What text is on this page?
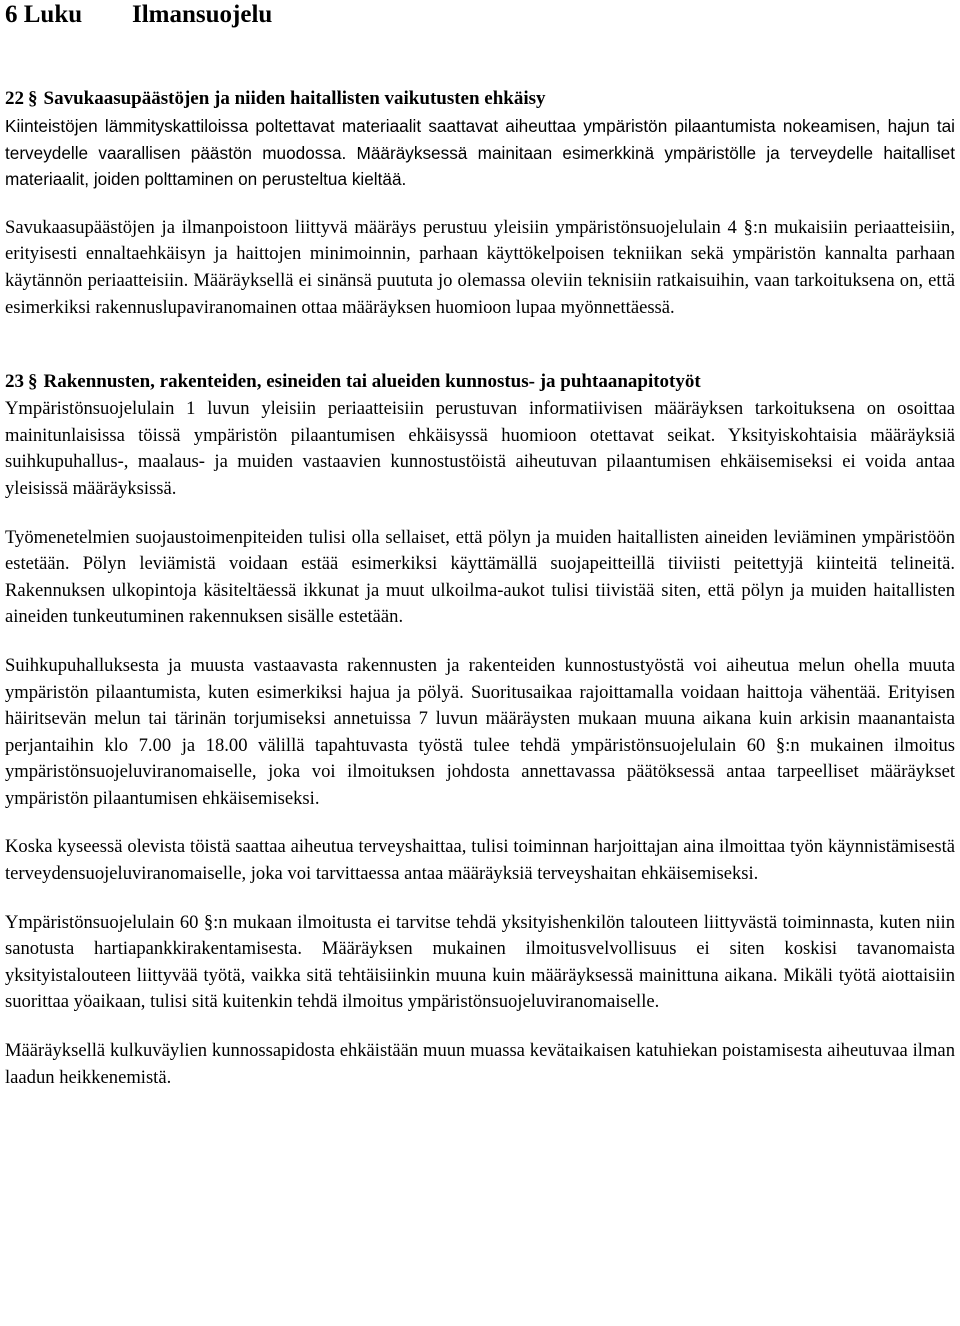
6 Luku Ilmansuojelu
22 § Savukaasupäästöjen ja niiden haitallisten vaikutusten ehkäisy

Kiinteistöjen lämmityskattiloissa poltettavat materiaalit saattavat aiheuttaa ympäristön pilaantumista nokeamisen, hajun tai terveydelle vaarallisen päästön muodossa. Määräyksessä mainitaan esimerkkinä ympäristölle ja terveydelle haitalliset materiaalit, joiden polttaminen on perusteltua kieltää.

Savukaasupäästöjen ja ilmanpoistoon liittyvä määräys perustuu yleisiin ympäristönsuojelulain 4 §:n mukaisiin periaatteisiin, erityisesti ennaltaehkäisyn ja haittojen minimoinnin, parhaan käyttökelpoisen tekniikan sekä ympäristön kannalta parhaan käytännön periaatteisiin. Määräyksellä ei sinänsä puututa jo olemassa oleviin teknisiin ratkaisuihin, vaan tarkoituksena on, että esimerkiksi rakennuslupaviranomainen ottaa määräyksen huomioon lupaa myönnettäessä.

23 § Rakennusten, rakenteiden, esineiden tai alueiden kunnostus- ja puhtaanapitotyöt

Ympäristönsuojelulain 1 luvun yleisiin periaatteisiin perustuvan informatiivisen määräyksen tarkoituksena on osoittaa mainitunlaisissa töissä ympäristön pilaantumisen ehkäisyssä huomioon otettavat seikat. Yksityiskohtaisia määräyksiä suihkupuhallus-, maalaus- ja muiden vastaavien kunnostustöistä aiheutuvan pilaantumisen ehkäisemiseksi ei voida antaa yleisissä määräyksissä.

Työmenetelmien suojaustoimenpiteiden tulisi olla sellaiset, että pölyn ja muiden haitallisten aineiden leviäminen ympäristöön estetään. Pölyn leviämistä voidaan estää esimerkiksi käyttämällä suojapeitteillä tiiviisti peitettyjä kiinteitä telineitä. Rakennuksen ulkopintoja käsiteltäessä ikkunat ja muut ulkoilma-aukot tulisi tiivistää siten, että pölyn ja muiden haitallisten aineiden tunkeutuminen rakennuksen sisälle estetään.

Suihkupuhalluksesta ja muusta vastaavasta rakennusten ja rakenteiden kunnostustyöstä voi aiheutua melun ohella muuta ympäristön pilaantumista, kuten esimerkiksi hajua ja pölyä. Suoritusaikaa rajoittamalla voidaan haittoja vähentää. Erityisen häiritsevän melun tai tärinän torjumiseksi annetuissa 7 luvun määräysten mukaan muuna aikana kuin arkisin maanantaista perjantaihin klo 7.00 ja 18.00 välillä tapahtuvasta työstä tulee tehdä ympäristönsuojelulain 60 §:n mukainen ilmoitus ympäristönsuojeluviranomaiselle, joka voi ilmoituksen johdosta annettavassa päätöksessä antaa tarpeelliset määräykset ympäristön pilaantumisen ehkäisemiseksi.

Koska kyseessä olevista töistä saattaa aiheutua terveyshaittaa, tulisi toiminnan harjoittajan aina ilmoittaa työn käynnistämisestä terveydensuojeluviranomaiselle, joka voi tarvittaessa antaa määräyksiä terveyshaitan ehkäisemiseksi.

Ympäristönsuojelulain 60 §:n mukaan ilmoitusta ei tarvitse tehdä yksityishenkilön talouteen liittyvästä toiminnasta, kuten niin sanotusta hartiapankkirakentamisesta. Määräyksen mukainen ilmoitusvelvollisuus ei siten koskisi tavanomaista yksityistalouteen liittyvää työtä, vaikka sitä tehtäisiinkin muuna kuin määräyksessä mainittuna aikana. Mikäli työtä aiottaisiin suorittaa yöaikaan, tulisi sitä kuitenkin tehdä ilmoitus ympäristönsuojeluviranomaiselle.

Määräyksellä kulkuväylien kunnossapidosta ehkäistään muun muassa kevätaikaisen katuhiekan poistamisesta aiheutuvaa ilman laadun heikkenemistä.
